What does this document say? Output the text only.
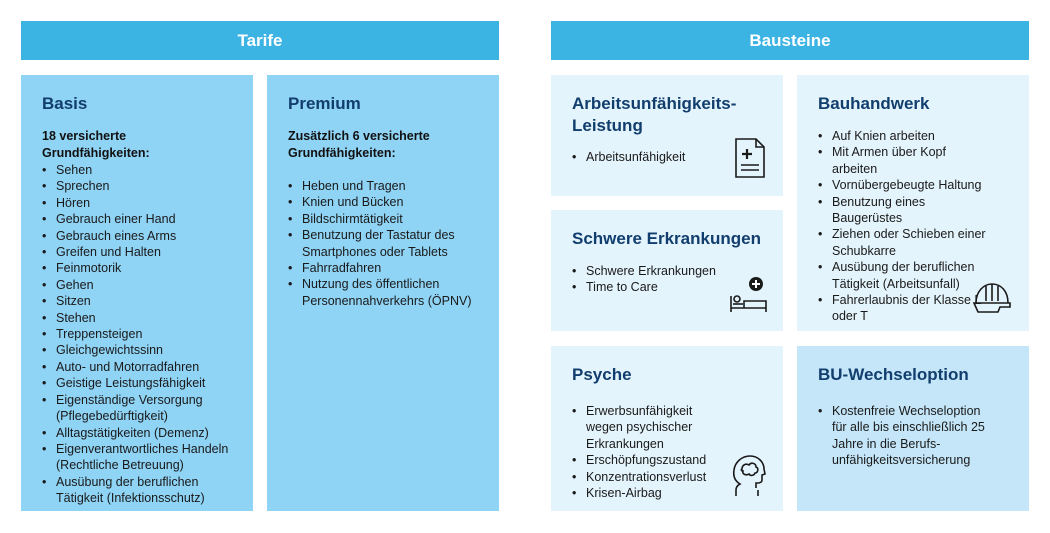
Tarife	Bausteine
Basis
18 versicherte Grundfähigkeiten:
• Sehen
• Sprechen
• Hören
• Gebrauch einer Hand
• Gebrauch eines Arms
• Greifen und Halten
• Feinmotorik
• Gehen
• Sitzen
• Stehen
• Treppensteigen
• Gleichgewichtssinn
• Auto- und Motorradfahren
• Geistige Leistungsfähigkeit
• Eigenständige Versorgung (Pflegebedürftigkeit)
• Alltagstätigkeiten (Demenz)
• Eigenverantwortliches Handeln (Rechtliche Betreuung)
• Ausübung der beruflichen Tätigkeit (Infektionsschutz)
Premium
Zusätzlich 6 versicherte Grundfähigkeiten:
• Heben und Tragen
• Knien und Bücken
• Bildschirmtätigkeit
• Benutzung der Tastatur des Smartphones oder Tablets
• Fahrradfahren
• Nutzung des öffentlichen Personennahverkehrs (ÖPNV)
Arbeitsunfähigkeits-Leistung
• Arbeitsunfähigkeit
Schwere Erkrankungen
• Schwere Erkrankungen
• Time to Care
Psyche
• Erwerbsunfähigkeit wegen psychischer Erkrankungen
• Erschöpfungszustand
• Konzentrationsverlust
• Krisen-Airbag
Bauhandwerk
• Auf Knien arbeiten
• Mit Armen über Kopf arbeiten
• Vornübergebeugte Haltung
• Benutzung eines Baugerüstes
• Ziehen oder Schieben einer Schubkarre
• Ausübung der beruflichen Tätigkeit (Arbeitsunfall)
• Fahrerlaubnis der Klasse L oder T
BU-Wechseloption
• Kostenfreie Wechseloption für alle bis einschließlich 25 Jahre in die Berufs-unfähigkeitsversicherung
